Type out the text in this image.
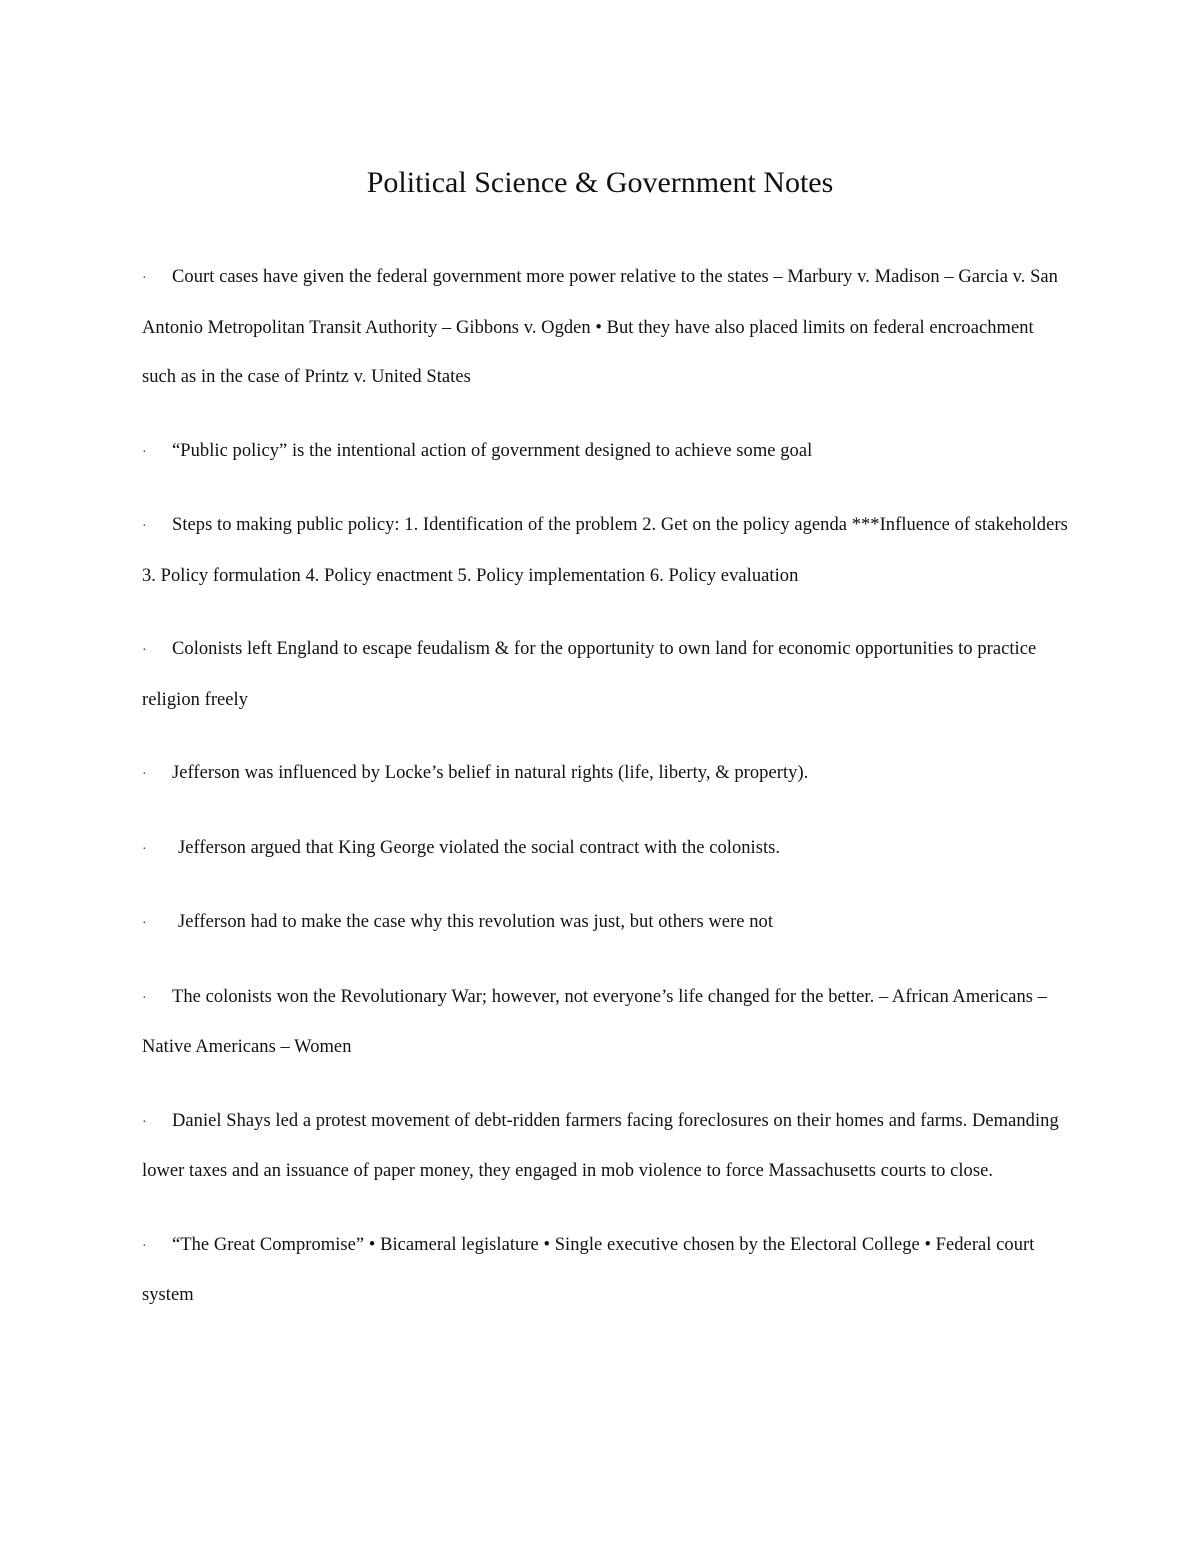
Political Science & Government Notes
· Court cases have given the federal government more power relative to the states – Marbury v. Madison – Garcia v. San Antonio Metropolitan Transit Authority – Gibbons v. Ogden • But they have also placed limits on federal encroachment such as in the case of Printz v. United States
· “Public policy” is the intentional action of government designed to achieve some goal
· Steps to making public policy: 1. Identification of the problem 2. Get on the policy agenda ***Influence of stakeholders 3. Policy formulation 4. Policy enactment 5. Policy implementation 6. Policy evaluation
· Colonists left England to escape feudalism & for the opportunity to own land for economic opportunities to practice religion freely
· Jefferson was influenced by Locke’s belief in natural rights (life, liberty, & property).
· Jefferson argued that King George violated the social contract with the colonists.
· Jefferson had to make the case why this revolution was just, but others were not
· The colonists won the Revolutionary War; however, not everyone’s life changed for the better. – African Americans – Native Americans – Women
· Daniel Shays led a protest movement of debt-ridden farmers facing foreclosures on their homes and farms. Demanding lower taxes and an issuance of paper money, they engaged in mob violence to force Massachusetts courts to close.
· “The Great Compromise” • Bicameral legislature • Single executive chosen by the Electoral College • Federal court system
